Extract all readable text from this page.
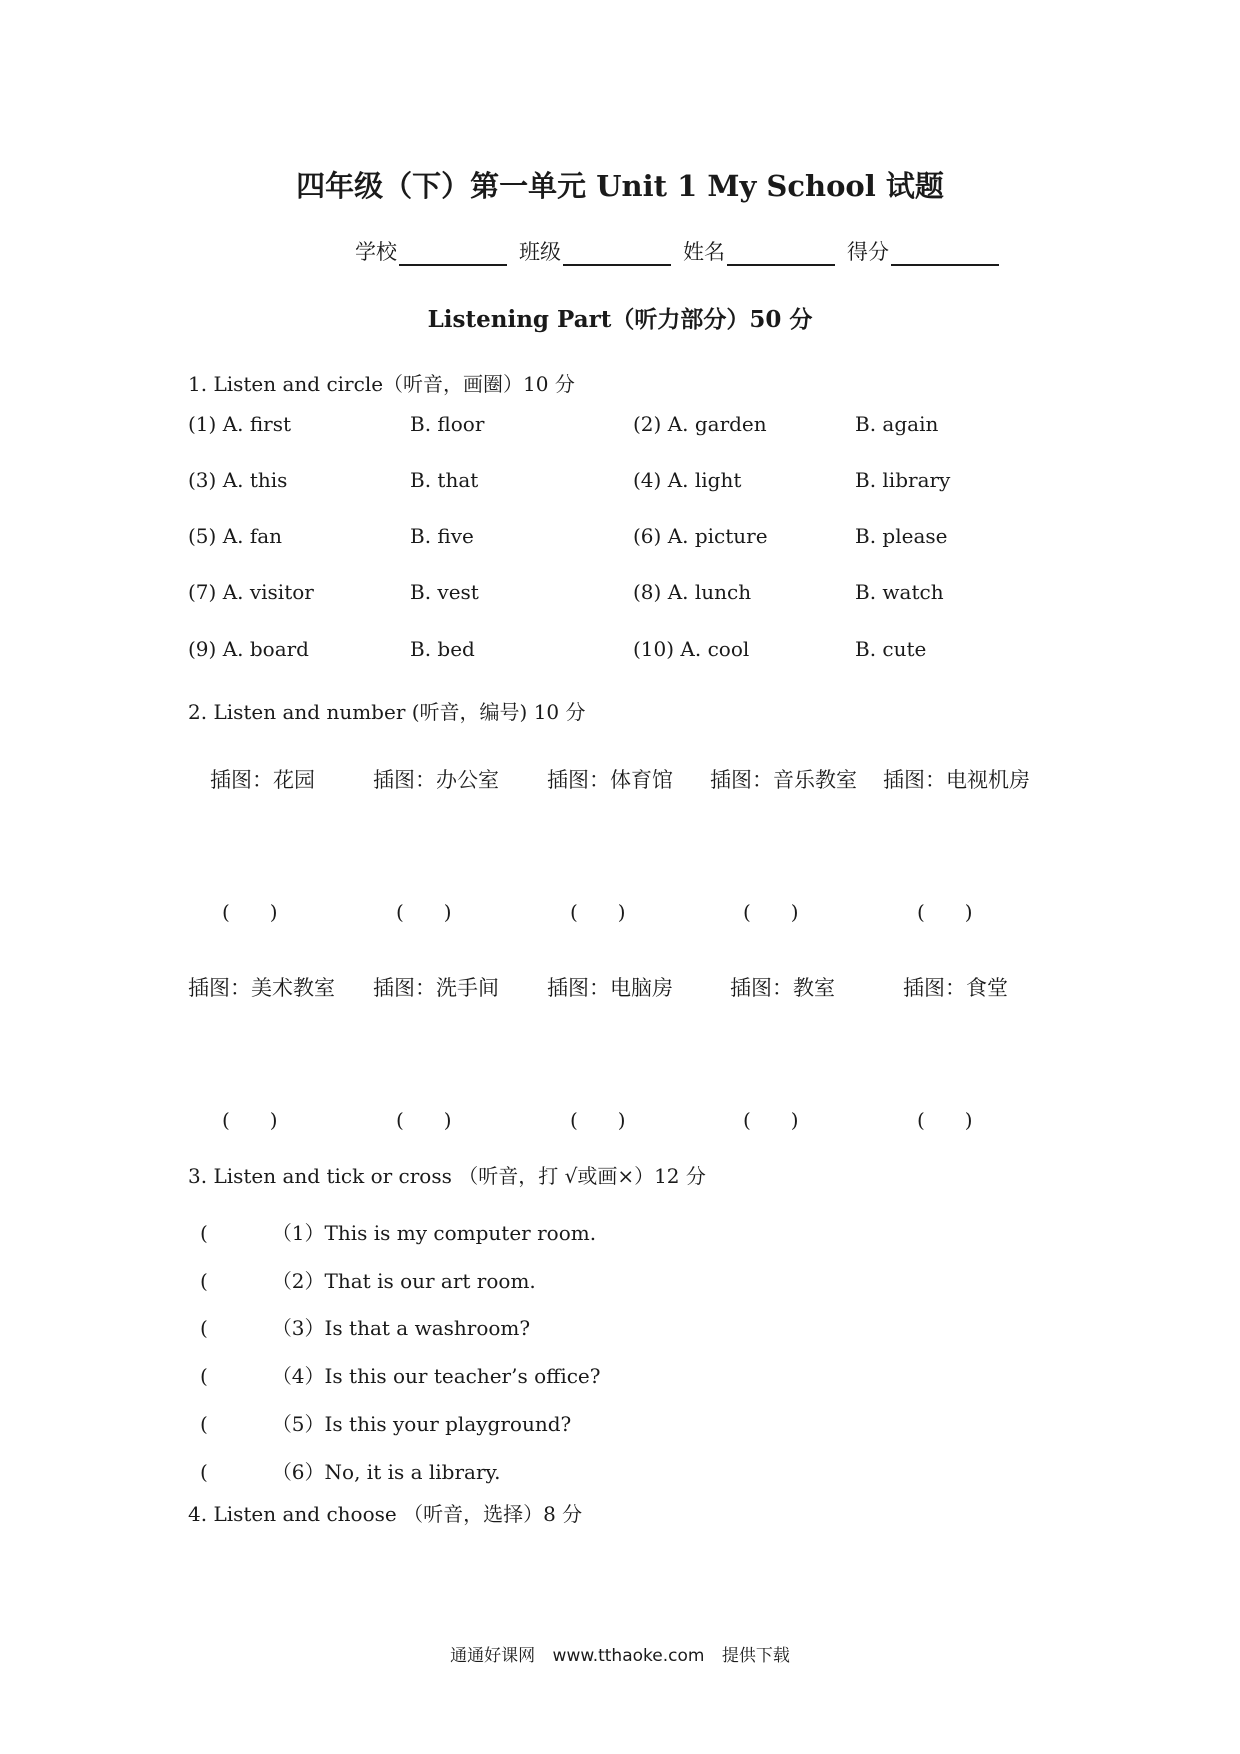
四年级（下）第一单元 Unit 1 My School 试题
学校	班级	姓名	得分
Listening Part（听力部分）50 分
1. Listen and circle（听音，画圈）10 分
(1) A. first	B. floor	(2) A. garden	B. again
(3) A. this	B. that	(4) A. light	B. library
(5) A. fan	B. five	(6) A. picture	B. please
(7) A. visitor	B. vest	(8) A. lunch	B. watch
(9) A. board	B. bed	(10) A. cool	B. cute
2. Listen and number (听音，编号) 10 分
插图：花园	插图：办公室 插图：体育馆 插图：音乐教室 插图：电视机房
(　　)	(　　)	(　　)	(　　)	(　　)
插图：美术教室 插图：洗手间 插图：电脑房	插图：教室	插图：食堂
(　　)	(　　)	(　　)	(　　)	(　　)
3. Listen and tick or cross （听音，打 √或画×）12 分
(	（1）This is my computer room.
(	（2）That is our art room.
(	（3）Is that a washroom?
(	（4）Is this our teacher’s office?
(	（5）Is this your playground?
(	（6）No, it is a library.
4. Listen and choose （听音，选择）8 分
通通好课网 www.tthaoke.com 提供下载
